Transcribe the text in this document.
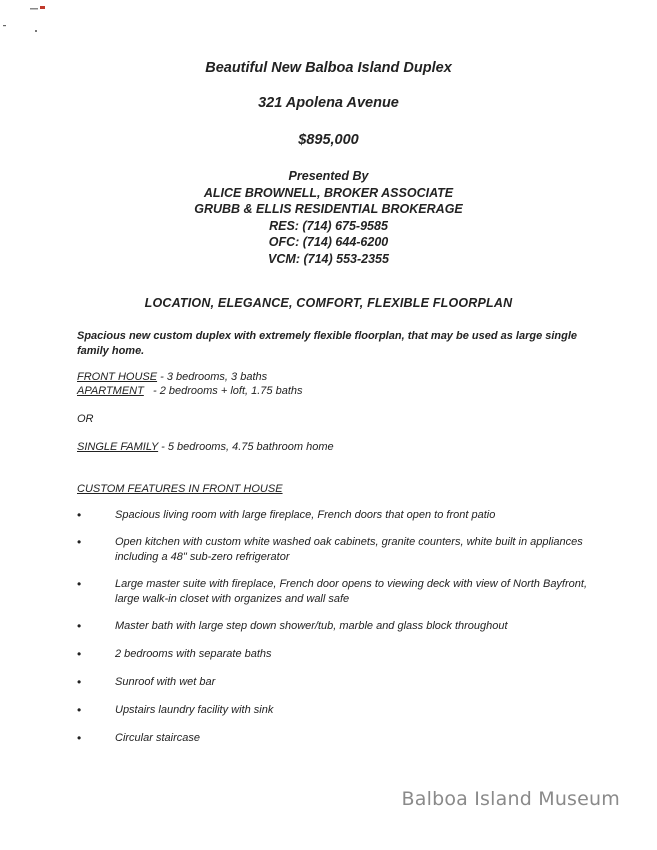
Beautiful New Balboa Island Duplex
321 Apolena Avenue
$895,000
Presented By
ALICE BROWNELL, BROKER ASSOCIATE
GRUBB & ELLIS RESIDENTIAL BROKERAGE
RES: (714) 675-9585
OFC: (714) 644-6200
VCM: (714) 553-2355
LOCATION, ELEGANCE, COMFORT, FLEXIBLE FLOORPLAN
Spacious new custom duplex with extremely flexible floorplan, that may be used as large single family home.
FRONT HOUSE - 3 bedrooms, 3 baths
APARTMENT   - 2 bedrooms + loft, 1.75 baths
OR
SINGLE FAMILY - 5 bedrooms, 4.75 bathroom home
CUSTOM FEATURES IN FRONT HOUSE
•	Spacious living room with large fireplace, French doors that open to front patio
•	Open kitchen with custom white washed oak cabinets, granite counters, white built in appliances including a 48" sub-zero refrigerator
•	Large master suite with fireplace, French door opens to viewing deck with view of North Bayfront, large walk-in closet with organizes and wall safe
•	Master bath with large step down shower/tub, marble and glass block throughout
•	2 bedrooms with separate baths
•	Sunroof with wet bar
•	Upstairs laundry facility with sink
•	Circular staircase
Balboa Island Museum
